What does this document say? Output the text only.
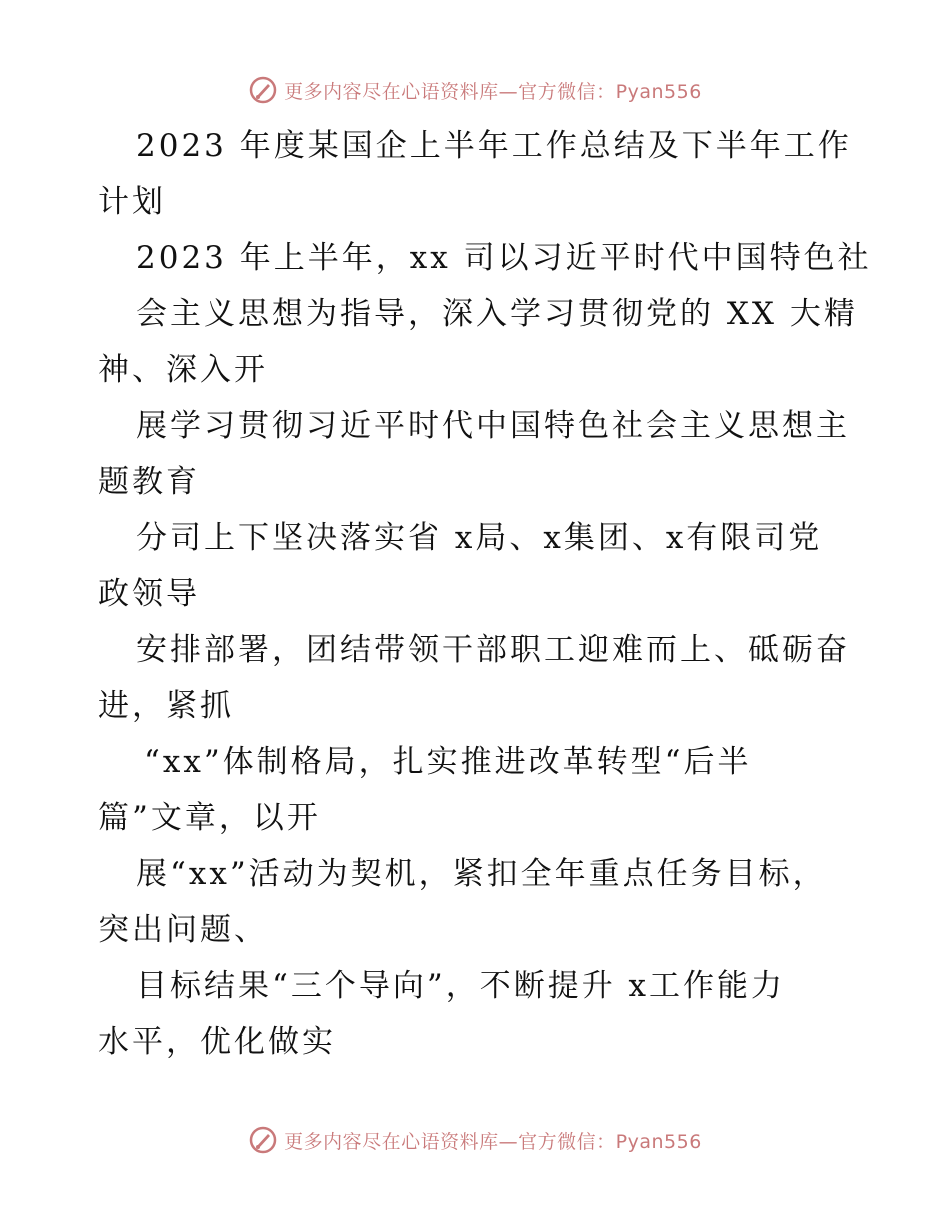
更多内容尽在心语资料库—官方微信：Pyan556
2023 年度某国企上半年工作总结及下半年工作
计划
2023 年上半年，xx 司以习近平时代中国特色社
会主义思想为指导，深入学习贯彻党的 XX 大精
神、深入开
展学习贯彻习近平时代中国特色社会主义思想主
题教育
分司上下坚决落实省 x局、x集团、x有限司党
政领导
安排部署，团结带领干部职工迎难而上、砥砺奋
进，紧抓
“xx”体制格局，扎实推进改革转型“后半
篇”文章，以开
展“xx”活动为契机，紧扣全年重点任务目标，
突出问题、
目标结果“三个导向”，不断提升 x工作能力
水平，优化做实
更多内容尽在心语资料库—官方微信：Pyan556
